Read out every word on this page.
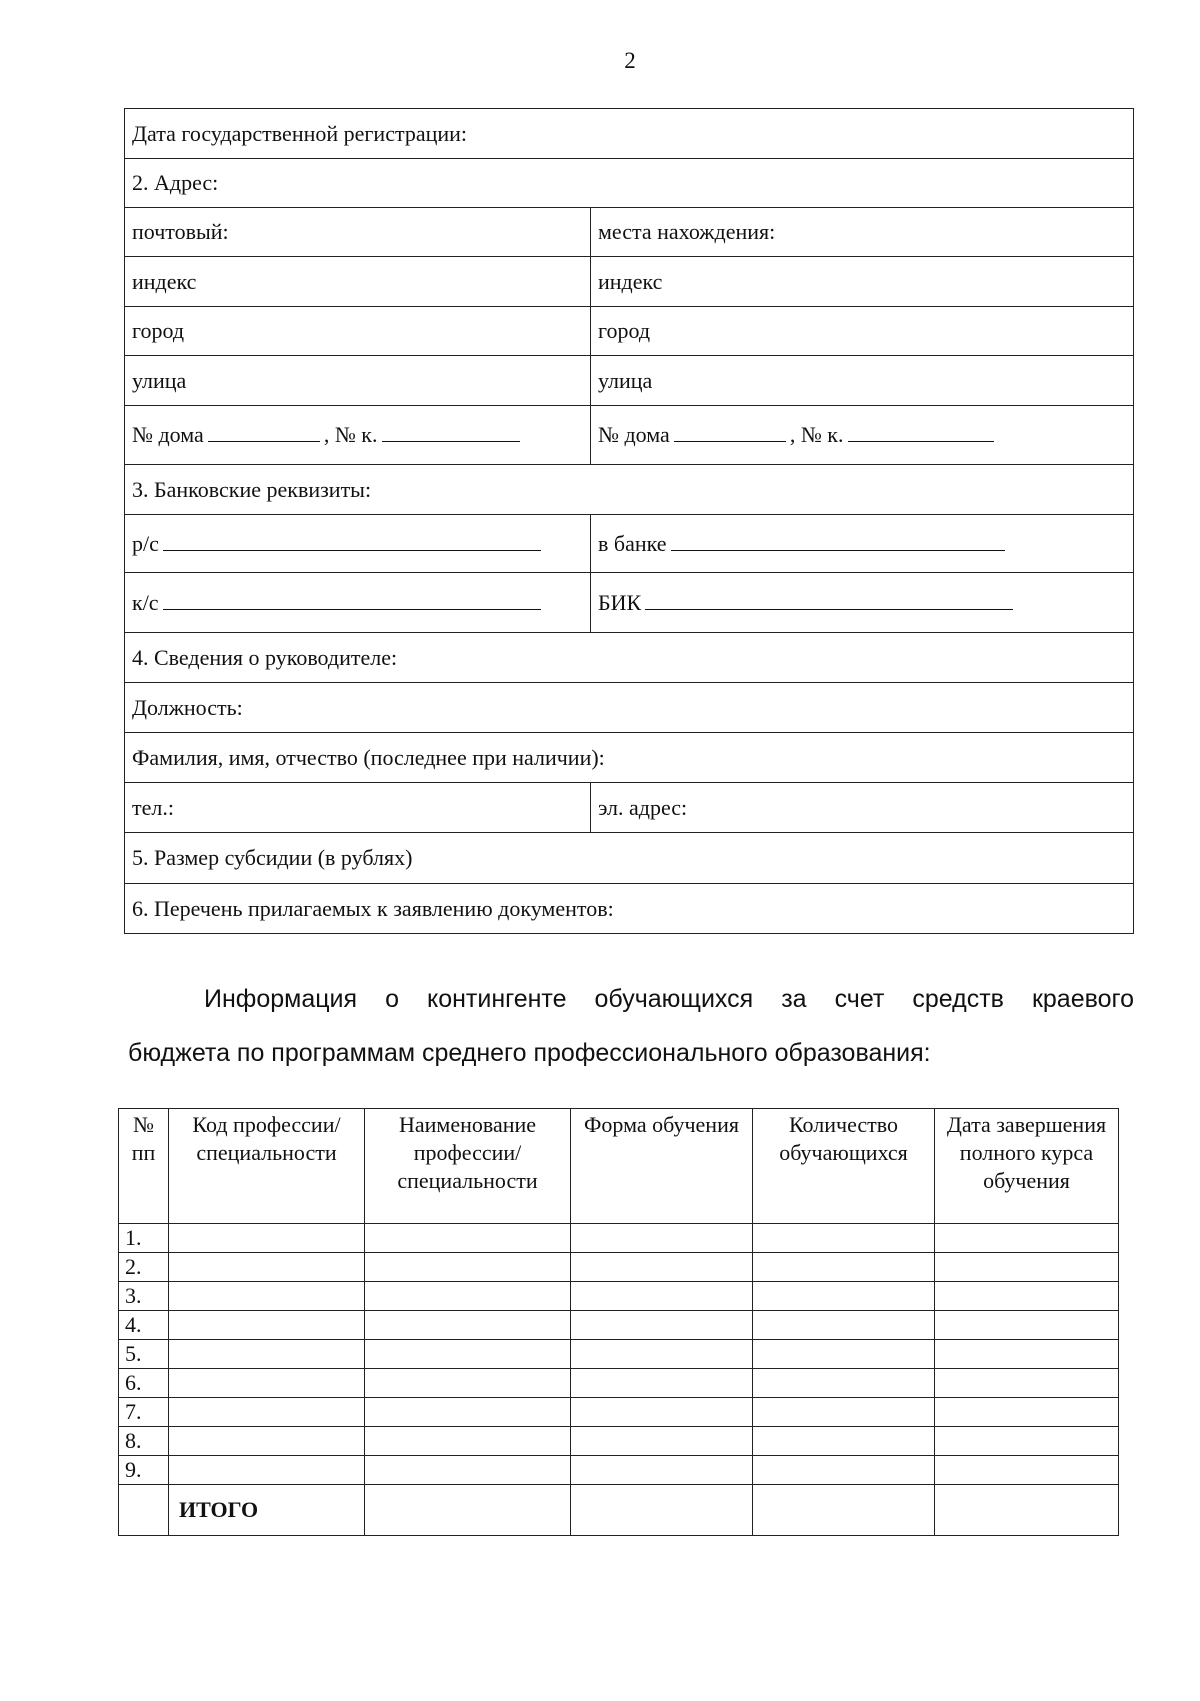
2
Дата государственной регистрации:	
2. Адрес:	
почтовый:	места нахождения:
индекс	индекс
город	город
улица	улица
№ дома , № к.	№ дома , № к.
3. Банковские реквизиты:	
р/с	в банке
к/с	БИК
4. Сведения о руководителе:	
Должность:	
Фамилия, имя, отчество (последнее при наличии):	
тел.:	эл. адрес:
5. Размер субсидии (в рублях)	
6. Перечень прилагаемых к заявлению документов:	
Информация о контингенте обучающихся за счет средств краевого
бюджета по программам среднего профессионального образования:
№ пп	Код профессии/ специальности	Наименование профессии/ специальности	Форма обучения	Количество обучающихся	Дата завершения полного курса обучения
1.					
2.					
3.					
4.					
5.					
6.					
7.					
8.					
9.					
	ИТОГО				
